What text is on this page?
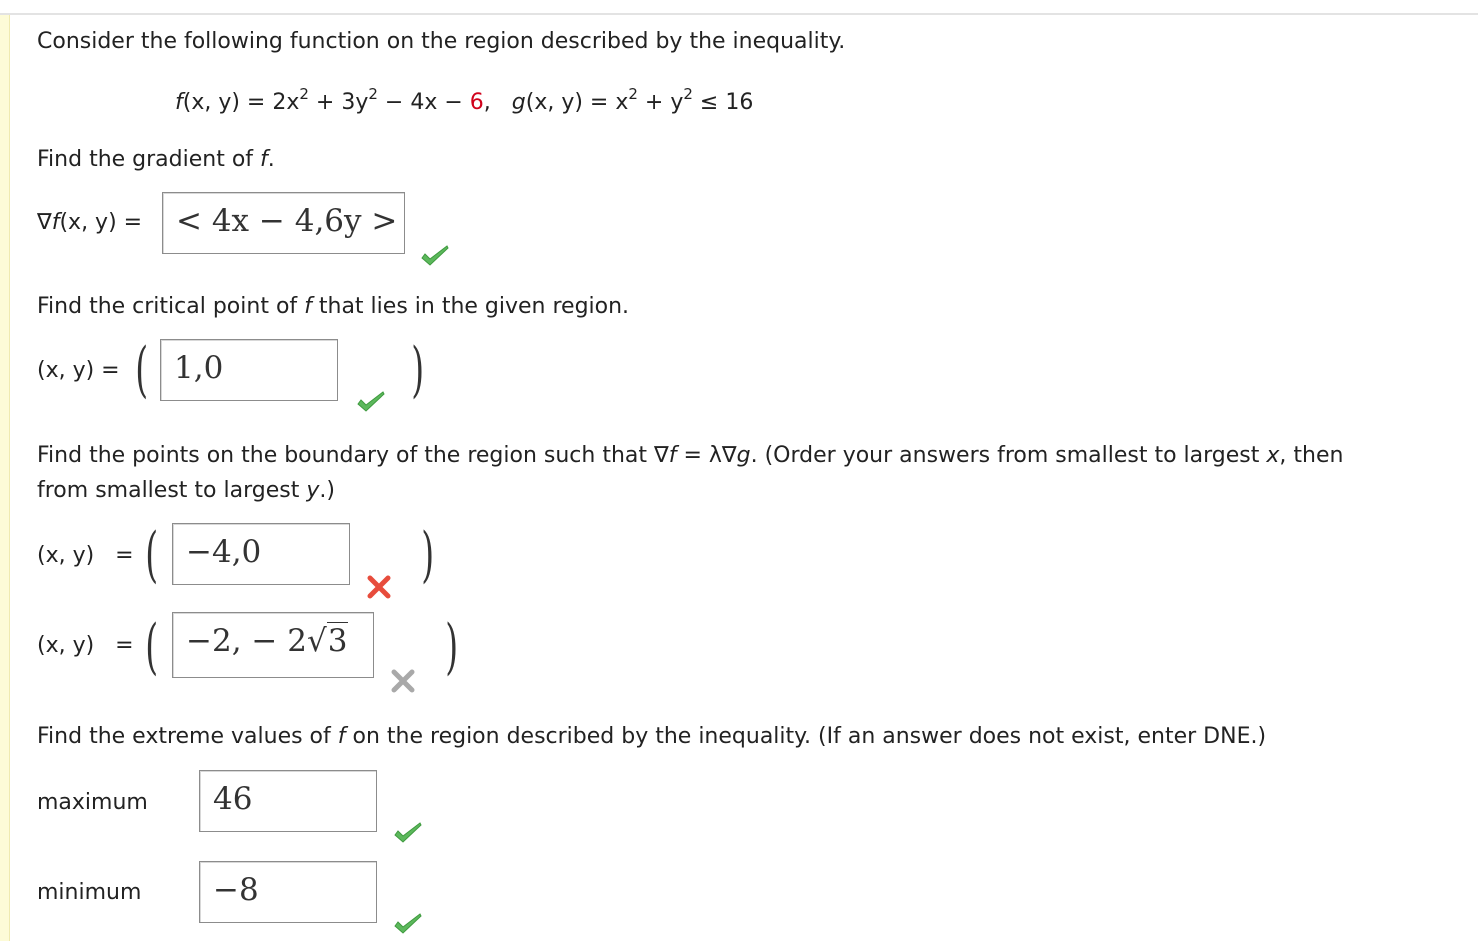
Consider the following function on the region described by the inequality.
f(x, $y) = 2x^2 + 3y^2 - 4x - 6$,   g(x, $y) = x^2 + y^2 \le 16$
Find the gradient of f.
∇f(x, y) = < 4x − 4,6y >
Find the critical point of f that lies in the given region.
(x, y) = ( 1,0	)
Find the points on the boundary of the region such that ∇f = λ∇g. (Order your answers from smallest to largest x, then
from smallest to largest y.)
(x, y)   = ( −4,0	)
(x, y)   = ( −2, − 2√3	)
Find the extreme values of f on the region described by the inequality. (If an answer does not exist, enter DNE.)
maximum	46
minimum	−8
